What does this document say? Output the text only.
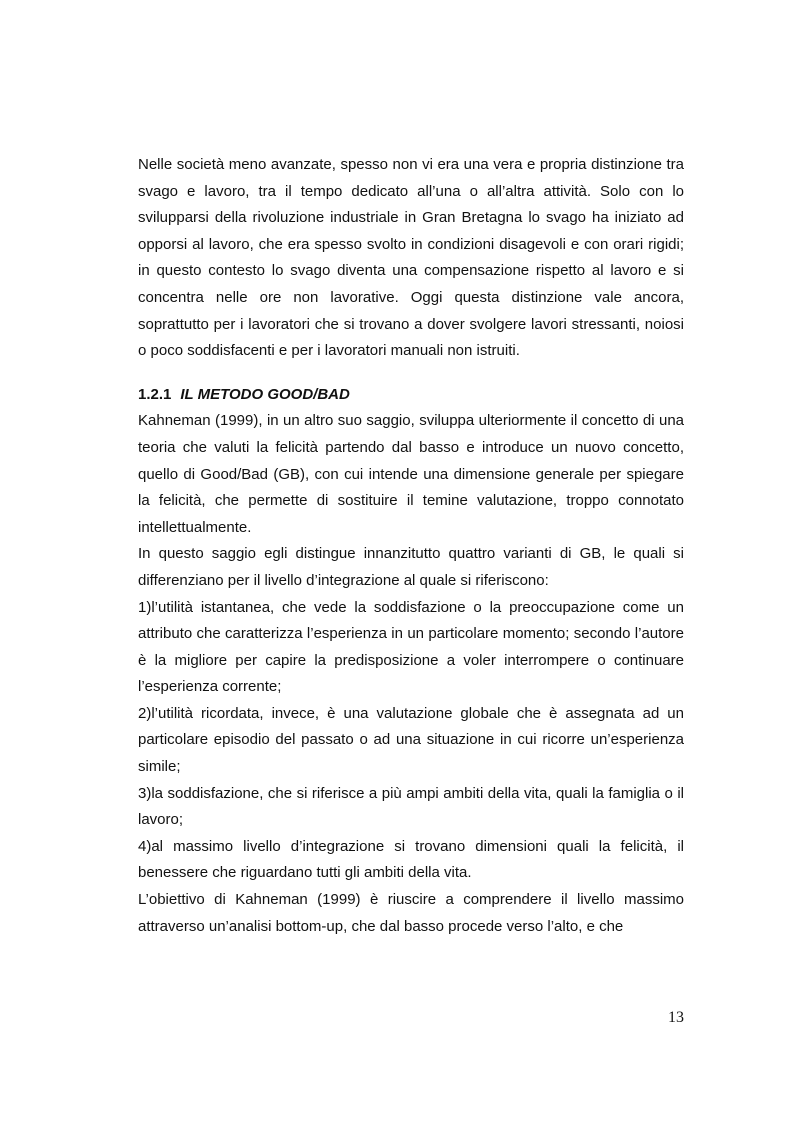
Nelle società meno avanzate, spesso non vi era una vera e propria distinzione tra svago e lavoro, tra il tempo dedicato all’una o all’altra attività. Solo con lo svilupparsi della rivoluzione industriale in Gran Bretagna lo svago ha iniziato ad opporsi al lavoro, che era spesso svolto in condizioni disagevoli e con orari rigidi; in questo contesto lo svago diventa una compensazione rispetto al lavoro e si concentra nelle ore non lavorative. Oggi questa distinzione vale ancora, soprattutto per i lavoratori che si trovano a dover svolgere lavori stressanti, noiosi o poco soddisfacenti e per i lavoratori manuali non istruiti.

1.2.1 IL METODO GOOD/BAD

Kahneman (1999), in un altro suo saggio, sviluppa ulteriormente il concetto di una teoria che valuti la felicità partendo dal basso e introduce un nuovo concetto, quello di Good/Bad (GB), con cui intende una dimensione generale per spiegare la felicità, che permette di sostituire il temine valutazione, troppo connotato intellettualmente.

In questo saggio egli distingue innanzitutto quattro varianti di GB, le quali si differenziano per il livello d’integrazione al quale si riferiscono:

1)l’utilità istantanea, che vede la soddisfazione o la preoccupazione come un attributo che caratterizza l’esperienza in un particolare momento; secondo l’autore è la migliore per capire la predisposizione a voler interrompere o continuare l’esperienza corrente;

2)l’utilità ricordata, invece, è una valutazione globale che è assegnata ad un particolare episodio del passato o ad una situazione in cui ricorre un’esperienza simile;

3)la soddisfazione, che si riferisce a più ampi ambiti della vita, quali la famiglia o il lavoro;

4)al massimo livello d’integrazione si trovano dimensioni quali la felicità, il benessere che riguardano tutti gli ambiti della vita.

L’obiettivo di Kahneman (1999) è riuscire a comprendere il livello massimo attraverso un’analisi bottom-up, che dal basso procede verso l’alto, e che

13
